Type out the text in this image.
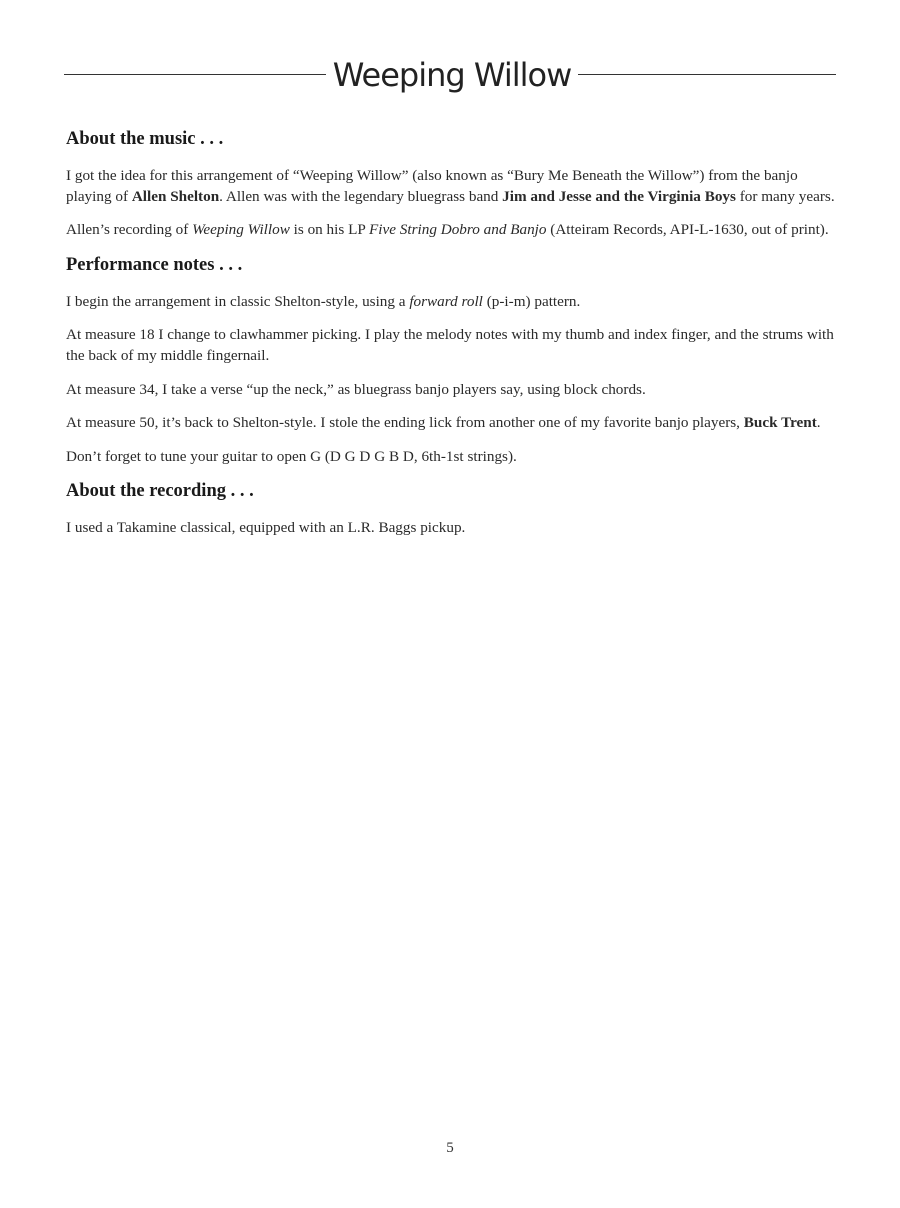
Weeping Willow
About the music . . .

I got the idea for this arrangement of “Weeping Willow” (also known as “Bury Me Beneath the Willow”) from the banjo playing of Allen Shelton. Allen was with the legendary bluegrass band Jim and Jesse and the Virginia Boys for many years.

Allen’s recording of Weeping Willow is on his LP Five String Dobro and Banjo (Atteiram Records, API-L-1630, out of print).

Performance notes . . .

I begin the arrangement in classic Shelton-style, using a forward roll (p-i-m) pattern.

At measure 18 I change to clawhammer picking. I play the melody notes with my thumb and index finger, and the strums with the back of my middle fingernail.

At measure 34, I take a verse “up the neck,” as bluegrass banjo players say, using block chords.

At measure 50, it’s back to Shelton-style. I stole the ending lick from another one of my favorite banjo players, Buck Trent.

Don’t forget to tune your guitar to open G (D G D G B D, 6th-1st strings).

About the recording . . .

I used a Takamine classical, equipped with an L.R. Baggs pickup.

5
